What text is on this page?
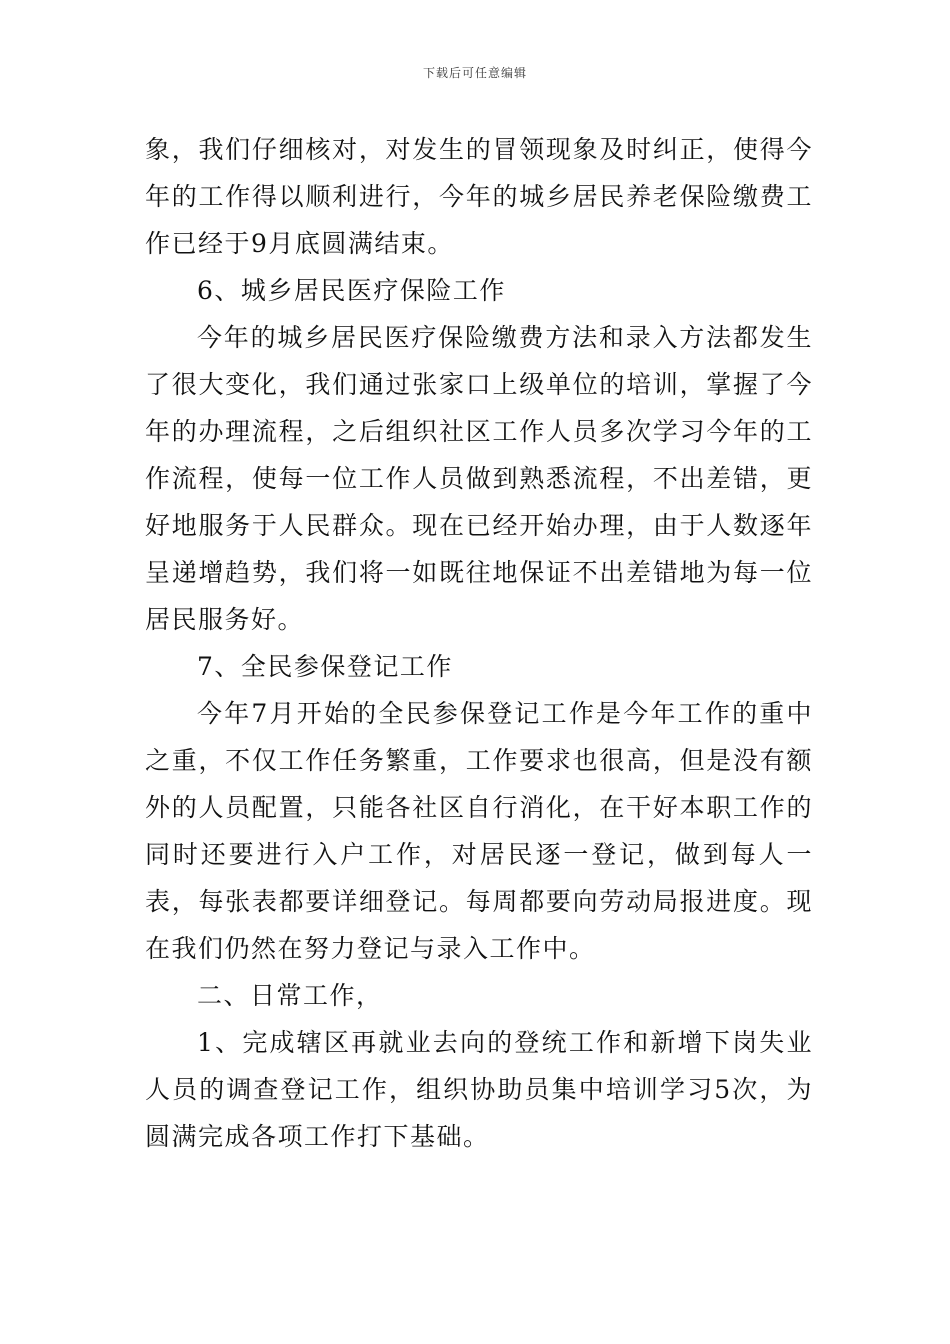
下载后可任意编辑

象，我们仔细核对，对发生的冒领现象及时纠正，使得今年的工作得以顺利进行，今年的城乡居民养老保险缴费工作已经于9月底圆满结束。

6、城乡居民医疗保险工作

今年的城乡居民医疗保险缴费方法和录入方法都发生了很大变化，我们通过张家口上级单位的培训，掌握了今年的办理流程，之后组织社区工作人员多次学习今年的工作流程，使每一位工作人员做到熟悉流程，不出差错，更好地服务于人民群众。现在已经开始办理，由于人数逐年呈递增趋势，我们将一如既往地保证不出差错地为每一位居民服务好。

7、全民参保登记工作

今年7月开始的全民参保登记工作是今年工作的重中之重，不仅工作任务繁重，工作要求也很高，但是没有额外的人员配置，只能各社区自行消化，在干好本职工作的同时还要进行入户工作，对居民逐一登记，做到每人一表，每张表都要详细登记。每周都要向劳动局报进度。现在我们仍然在努力登记与录入工作中。

二、日常工作，

1、完成辖区再就业去向的登统工作和新增下岗失业人员的调查登记工作，组织协助员集中培训学习5次，为圆满完成各项工作打下基础。
